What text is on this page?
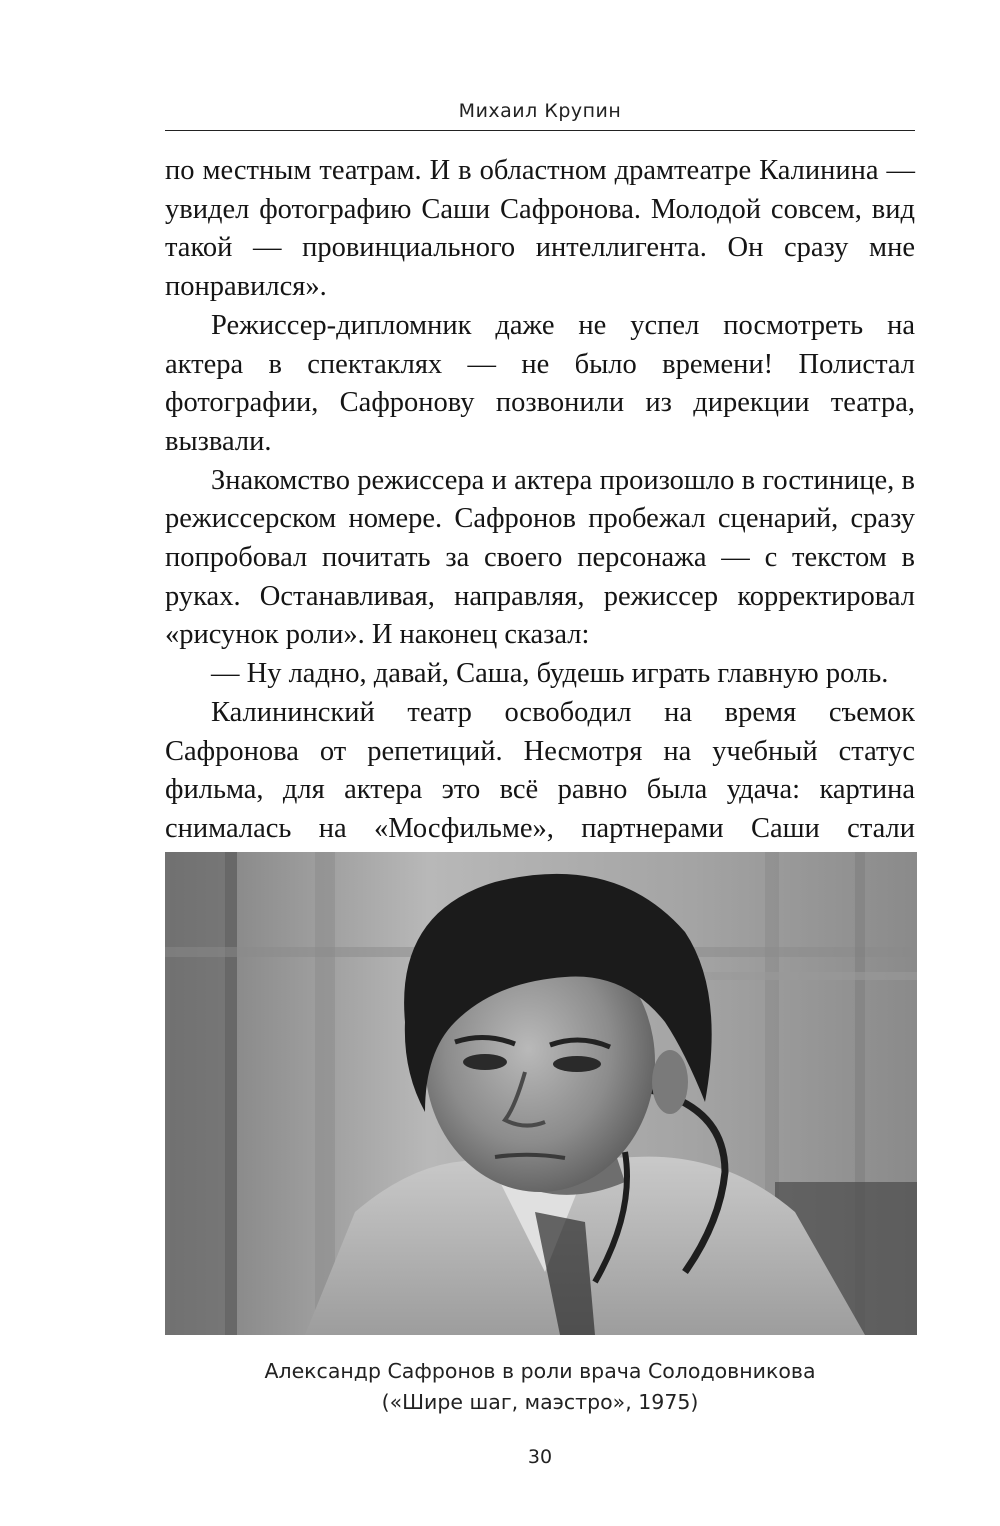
Михаил Крупин

по местным театрам. И в областном драмтеатре Калинина — увидел фотографию Саши Сафронова. Молодой совсем, вид такой — провинциального интеллигента. Он сразу мне понравился».

Режиссер-дипломник даже не успел посмотреть на актера в спектаклях — не было времени! Полистал фотографии, Сафронову позвонили из дирекции театра, вызвали.

Знакомство режиссера и актера произошло в гостинице, в режиссерском номере. Сафронов пробежал сценарий, сразу попробовал почитать за своего персонажа — с текстом в руках. Останавливая, направляя, режиссер корректировал «рисунок роли». И наконец сказал:

— Ну ладно, давай, Саша, будешь играть главную роль.

Калининский театр освободил на время съемок Сафронова от репетиций. Несмотря на учебный статус фильма, для актера это всё равно была удача: картина снималась на «Мосфильме», партнерами Саши стали

Александр Сафронов в роли врача Солодовникова
(«Шире шаг, маэстро», 1975)
30
